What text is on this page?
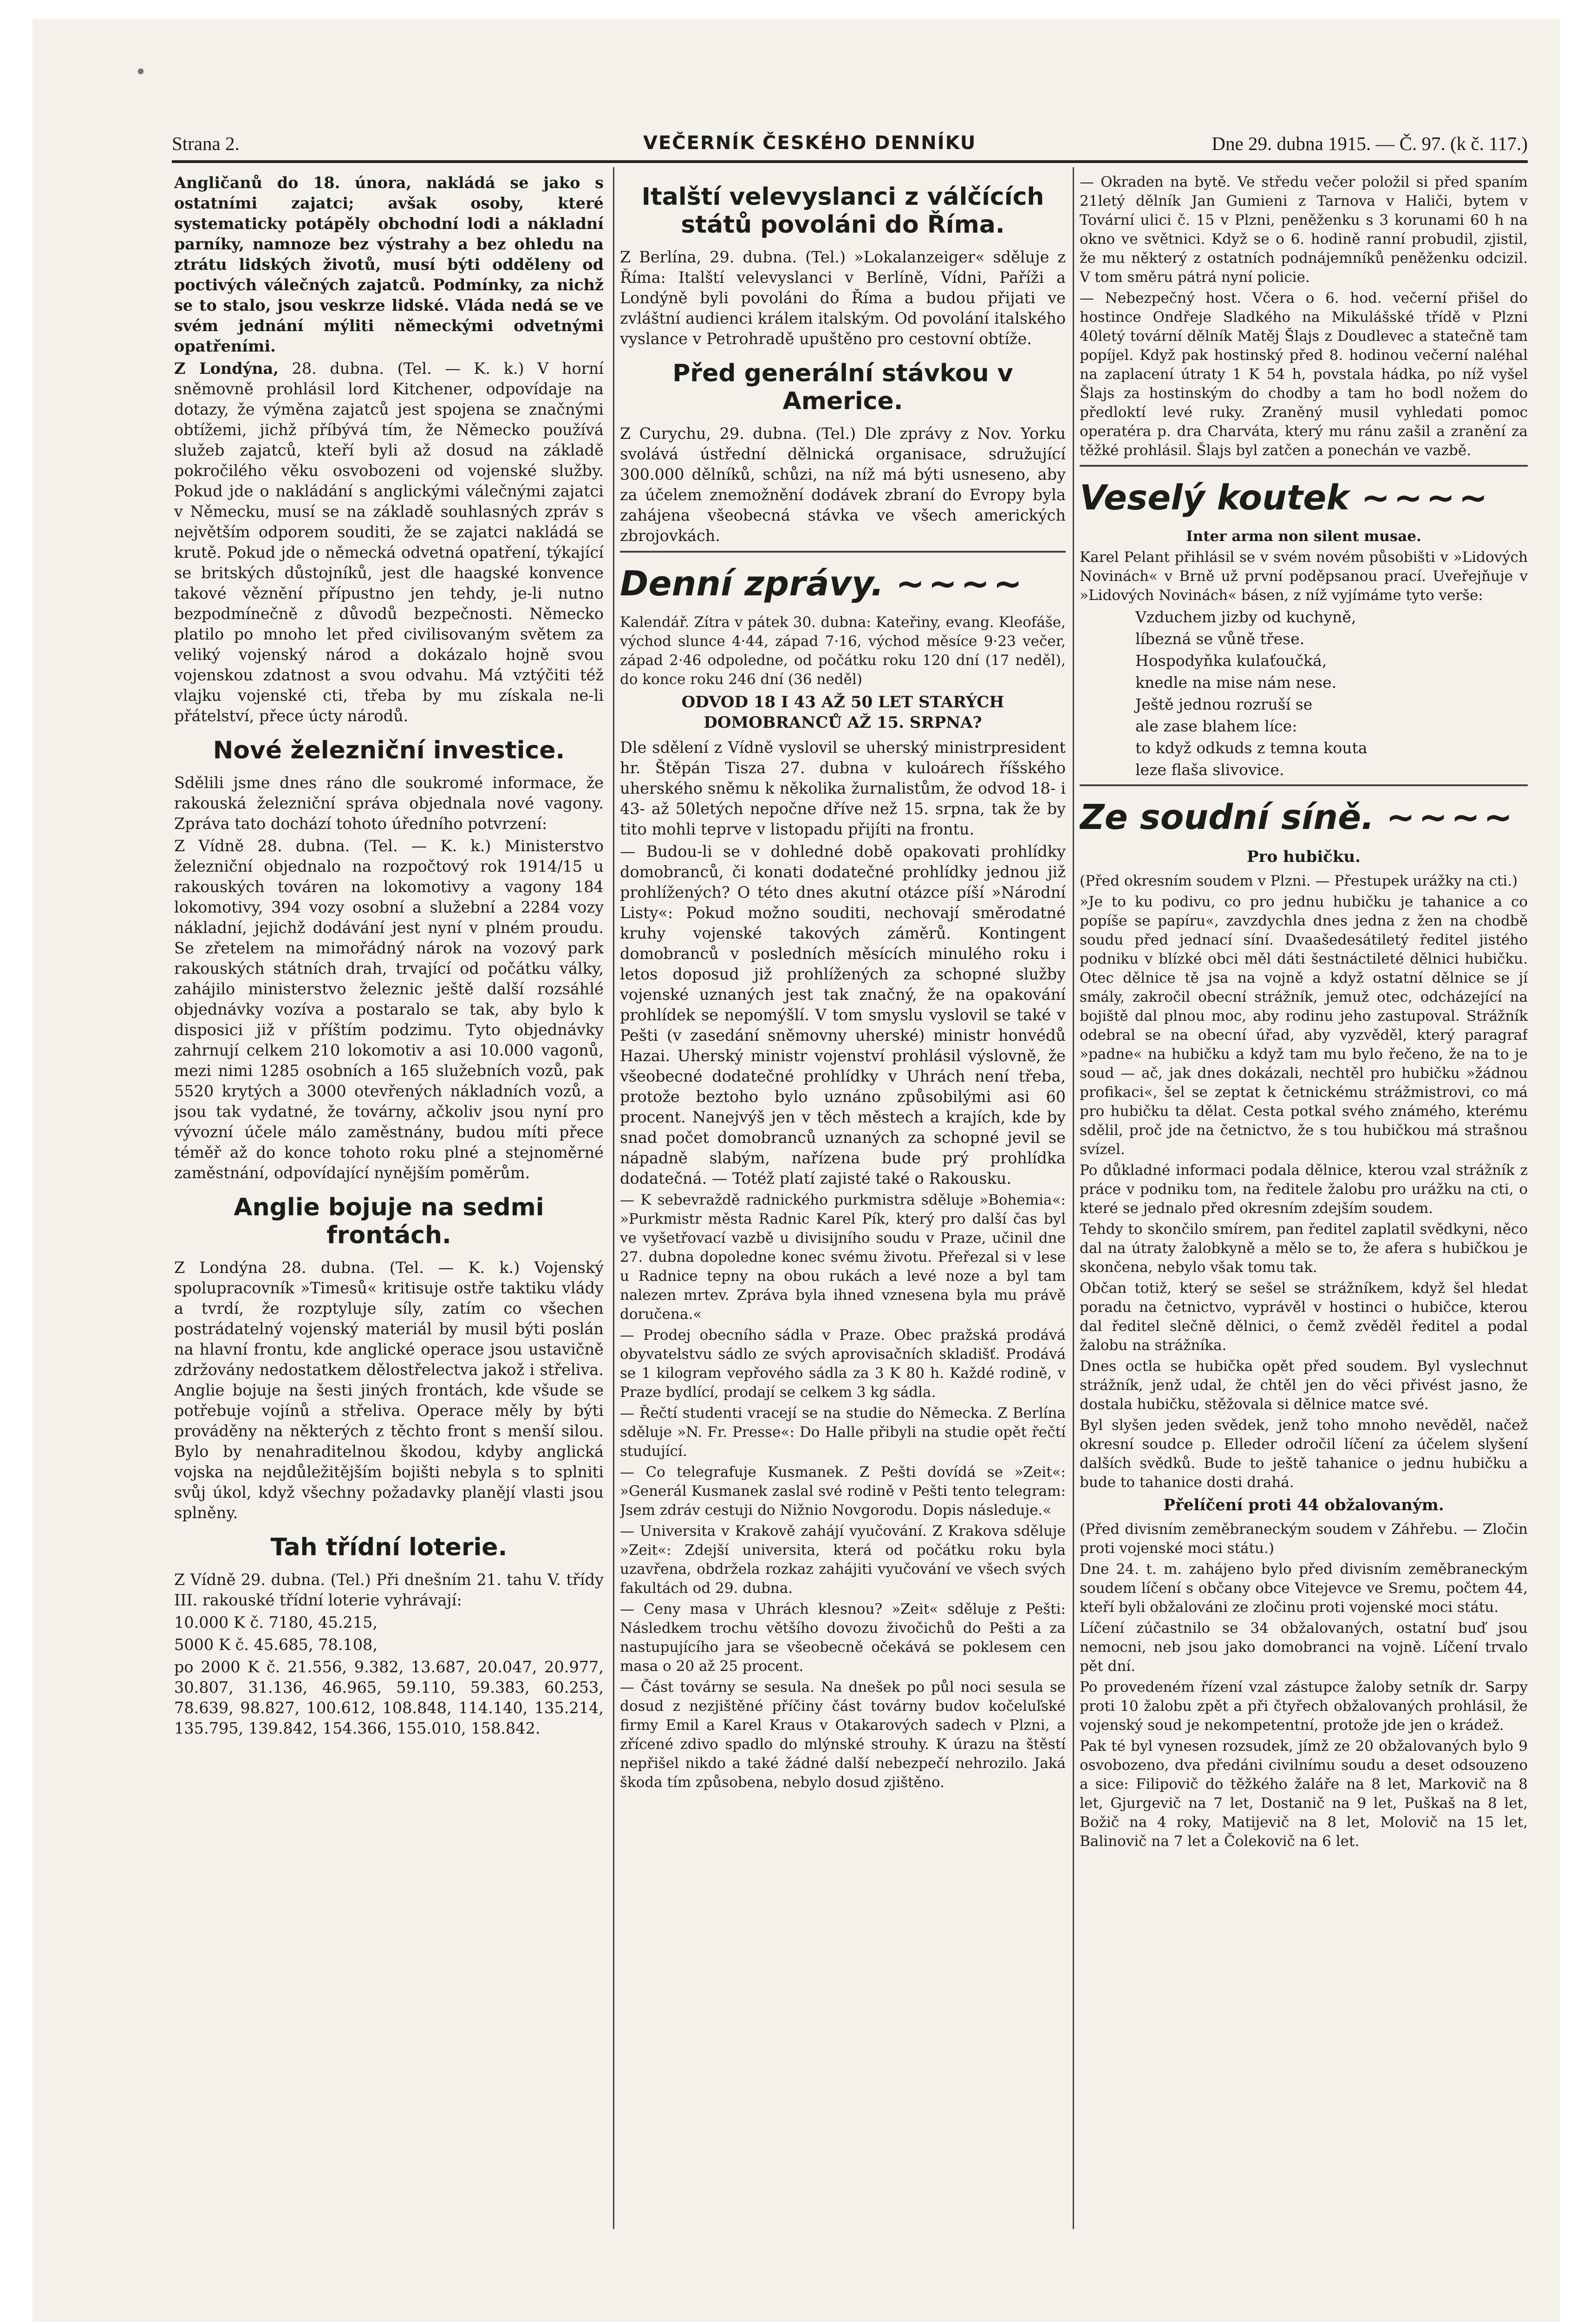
•
Strana 2.	VEČERNÍK ČESKÉHO DENNÍKU	Dne 29. dubna 1915. — Č. 97. (k č. 117.)

Angličanů do 18. února, nakládá se jako s ostatními zajatci; avšak osoby, které systematicky potápěly obchodní lodi a nákladní parníky, namnoze bez výstrahy a bez ohledu na ztrátu lidských životů, musí býti odděleny od poctivých válečných zajatců. Podmínky, za nichž se to stalo, jsou veskrze lidské. Vláda nedá se ve svém jednání mýliti německými odvetnými opatřeními.

Z Londýna, 28. dubna. (Tel. — K. k.) V horní sněmovně prohlásil lord Kitchener, odpovídaje na dotazy, že výměna zajatců jest spojena se značnými obtížemi, jichž příbývá tím, že Německo používá služeb zajatců, kteří byli až dosud na základě pokročilého věku osvobozeni od vojenské služby. Pokud jde o nakládání s anglickými válečnými zajatci v Německu, musí se na základě souhlasných zpráv s největším odporem souditi, že se zajatci nakládá se krutě. Pokud jde o německá odvetná opatření, týkající se britských důstojníků, jest dle haagské konvence takové věznění přípustno jen tehdy, je-li nutno bezpodmínečně z důvodů bezpečnosti. Německo platilo po mnoho let před civilisovaným světem za veliký vojenský národ a dokázalo hojně svou vojenskou zdatnost a svou odvahu. Má vztýčiti též vlajku vojenské cti, třeba by mu získala ne-li přátelství, přece úcty národů.

Nové železniční investice.

Sdělili jsme dnes ráno dle soukromé informace, že rakouská železniční správa objednala nové vagony. Zpráva tato dochází tohoto úředního potvrzení:

Z Vídně 28. dubna. (Tel. — K. k.) Ministerstvo železniční objednalo na rozpočtový rok 1914/15 u rakouských továren na lokomotivy a vagony 184 lokomotivy, 394 vozy osobní a služební a 2284 vozy nákladní, jejichž dodávání jest nyní v plném proudu. Se zřetelem na mimořádný nárok na vozový park rakouských státních drah, trvající od počátku války, zahájilo ministerstvo železnic ještě další rozsáhlé objednávky vozíva a postaralo se tak, aby bylo k disposici již v příštím podzimu. Tyto objednávky zahrnují celkem 210 lokomotiv a asi 10.000 vagonů, mezi nimi 1285 osobních a 165 služebních vozů, pak 5520 krytých a 3000 otevřených nákladních vozů, a jsou tak vydatné, že továrny, ačkoliv jsou nyní pro vývozní účele málo zaměstnány, budou míti přece téměř až do konce tohoto roku plné a stejnoměrné zaměstnání, odpovídající nynějším poměrům.

Anglie bojuje na sedmi frontách.

Z Londýna 28. dubna. (Tel. — K. k.) Vojenský spolupracovník »Timesů« kritisuje ostře taktiku vlády a tvrdí, že rozptyluje síly, zatím co všechen postrádatelný vojenský materiál by musil býti poslán na hlavní frontu, kde anglické operace jsou ustavičně zdržovány nedostatkem dělostřelectva jakož i střeliva. Anglie bojuje na šesti jiných frontách, kde všude se potřebuje vojínů a střeliva. Operace měly by býti prováděny na některých z těchto front s menší silou. Bylo by nenahraditelnou škodou, kdyby anglická vojska na nejdůležitějším bojišti nebyla s to splniti svůj úkol, když všechny požadavky planějí vlasti jsou splněny.

Tah třídní loterie.

Z Vídně 29. dubna. (Tel.) Při dnešním 21. tahu V. třídy III. rakouské třídní loterie vyhrávají:

10.000 K č. 7180, 45.215,

5000 K č. 45.685, 78.108,

po 2000 K č. 21.556, 9.382, 13.687, 20.047, 20.977, 30.807, 31.136, 46.965, 59.110, 59.383, 60.253, 78.639, 98.827, 100.612, 108.848, 114.140, 135.214, 135.795, 139.842, 154.366, 155.010, 158.842.

Italští velevyslanci z válčících států povoláni do Říma.

Z Berlína, 29. dubna. (Tel.) »Lokalanzeiger« sděluje z Říma: Italští velevyslanci v Berlíně, Vídni, Paříži a Londýně byli povoláni do Říma a budou přijati ve zvláštní audienci králem italským. Od povolání italského vyslance v Petrohradě upuštěno pro cestovní obtíže.

Před generální stávkou v Americe.

Z Curychu, 29. dubna. (Tel.) Dle zprávy z Nov. Yorku svolává ústřední dělnická organisace, sdružující 300.000 dělníků, schůzi, na níž má býti usneseno, aby za účelem znemožnění dodávek zbraní do Evropy byla zahájena všeobecná stávka ve všech amerických zbrojovkách.

Denní zprávy. ~~~~

Kalendář. Zítra v pátek 30. dubna: Kateřiny, evang. Kleofáše, východ slunce 4·44, západ 7·16, východ měsíce 9·23 večer, západ 2·46 odpoledne, od počátku roku 120 dní (17 neděl), do konce roku 246 dní (36 neděl)

ODVOD 18 I 43 AŽ 50 LET STARÝCH DOMOBRANCŮ AŽ 15. SRPNA?

Dle sdělení z Vídně vyslovil se uherský ministrpresident hr. Štěpán Tisza 27. dubna v kuloárech říšského uherského sněmu k několika žurnalistům, že odvod 18- i 43- až 50letých nepočne dříve než 15. srpna, tak že by tito mohli teprve v listopadu přijíti na frontu.

— Budou-li se v dohledné době opakovati prohlídky domobranců, či konati dodatečné prohlídky jednou již prohlížených? O této dnes akutní otázce píší »Národní Listy«: Pokud možno souditi, nechovají směrodatné kruhy vojenské takových záměrů. Kontingent domobranců v posledních měsících minulého roku i letos doposud již prohlížených za schopné služby vojenské uznaných jest tak značný, že na opakování prohlídek se nepomýšlí. V tom smyslu vyslovil se také v Pešti (v zasedání sněmovny uherské) ministr honvédů Hazai. Uherský ministr vojenství prohlásil výslovně, že všeobecné dodatečné prohlídky v Uhrách není třeba, protože beztoho bylo uznáno způsobilými asi 60 procent. Nanejvýš jen v těch městech a krajích, kde by snad počet domobranců uznaných za schopné jevil se nápadně slabým, nařízena bude prý prohlídka dodatečná. — Totéž platí zajisté také o Rakousku.

— K sebevraždě radnického purkmistra sděluje »Bohemia«: »Purkmistr města Radnic Karel Pík, který pro další čas byl ve vyšetřovací vazbě u divisijního soudu v Praze, učinil dne 27. dubna dopoledne konec svému životu. Přeřezal si v lese u Radnice tepny na obou rukách a levé noze a byl tam nalezen mrtev. Zpráva byla ihned vznesena byla mu právě doručena.«

— Prodej obecního sádla v Praze. Obec pražská prodává obyvatelstvu sádlo ze svých aprovisačních skladišť. Prodává se 1 kilogram vepřového sádla za 3 K 80 h. Každé rodině, v Praze bydlící, prodají se celkem 3 kg sádla.

— Řečtí studenti vracejí se na studie do Německa. Z Berlína sděluje »N. Fr. Presse«: Do Halle přibyli na studie opět řečtí studující.

— Co telegrafuje Kusmanek. Z Pešti dovídá se »Zeit«: »Generál Kusmanek zaslal své rodině v Pešti tento telegram: Jsem zdráv cestuji do Nižnio Novgorodu. Dopis následuje.«

— Universita v Krakově zahájí vyučování. Z Krakova sděluje »Zeit«: Zdejší universita, která od počátku roku byla uzavřena, obdržela rozkaz zahájiti vyučování ve všech svých fakultách od 29. dubna.

— Ceny masa v Uhrách klesnou? »Zeit« sděluje z Pešti: Následkem trochu většího dovozu živočichů do Pešti a za nastupujícího jara se všeobecně očekává se poklesem cen masa o 20 až 25 procent.

— Část továrny se sesula. Na dnešek po půl noci sesula se dosud z nezjištěné příčiny část továrny budov kočeluľské firmy Emil a Karel Kraus v Otakarových sadech v Plzni, a zřícené zdivo spadlo do mlýnské strouhy. K úrazu na štěstí nepřišel nikdo a také žádné další nebezpečí nehrozilo. Jaká škoda tím způsobena, nebylo dosud zjištěno.

— Okraden na bytě. Ve středu večer položil si před spaním 21letý dělník Jan Gumieni z Tarnova v Haliči, bytem v Tovární ulici č. 15 v Plzni, peněženku s 3 korunami 60 h na okno ve světnici. Když se o 6. hodině ranní probudil, zjistil, že mu některý z ostatních podnájemníků peněženku odcizil. V tom směru pátrá nyní policie.

— Nebezpečný host. Včera o 6. hod. večerní přišel do hostince Ondřeje Sladkého na Mikulášské třídě v Plzni 40letý tovární dělník Matěj Šlajs z Doudlevec a statečně tam popíjel. Když pak hostinský před 8. hodinou večerní naléhal na zaplacení útraty 1 K 54 h, povstala hádka, po níž vyšel Šlajs za hostinským do chodby a tam ho bodl nožem do předloktí levé ruky. Zraněný musil vyhledati pomoc operatéra p. dra Charváta, který mu ránu zašil a zranění za těžké prohlásil. Šlajs byl zatčen a ponechán ve vazbě.

Veselý koutek ~~~~

Inter arma non silent musae.

Karel Pelant přihlásil se v svém novém působišti v »Lidových Novinách« v Brně už první poděpsanou prací. Uveřejňuje v »Lidových Novinách« básen, z níž vyjímáme tyto verše:

Vzduchem jizby od kuchyně,

líbezná se vůně třese.

Hospodyňka kulaťoučká,

knedle na mise nám nese.

Ještě jednou rozruší se

ale zase blahem líce:

to když odkuds z temna kouta

leze flaša slivovice.

Ze soudní síně. ~~~~
Pro hubičku.

(Před okresním soudem v Plzni. — Přestupek urážky na cti.)

»Je to ku podivu, co pro jednu hubičku je tahanice a co popíše se papíru«, zavzdychla dnes jedna z žen na chodbě soudu před jednací síní. Dvaašedesátiletý ředitel jistého podniku v blízké obci měl dáti šestnáctileté dělnici hubičku. Otec dělnice tě jsa na vojně a když ostatní dělnice se jí smály, zakročil obecní strážník, jemuž otec, odcházející na bojiště dal plnou moc, aby rodinu jeho zastupoval. Strážník odebral se na obecní úřad, aby vyzvěděl, který paragraf »padne« na hubičku a když tam mu bylo řečeno, že na to je soud — ač, jak dnes dokázali, nechtěl pro hubičku »žádnou profikaci«, šel se zeptat k četnickému strážmistrovi, co má pro hubičku ta dělat. Cesta potkal svého známého, kterému sdělil, proč jde na četnictvo, že s tou hubičkou má strašnou svízel.

Po důkladné informaci podala dělnice, kterou vzal strážník z práce v podniku tom, na ředitele žalobu pro urážku na cti, o které se jednalo před okresním zdejším soudem.

Tehdy to skončilo smírem, pan ředitel zaplatil svědkyni, něco dal na útraty žalobkyně a mělo se to, že afera s hubičkou je skončena, nebylo však tomu tak.

Občan totiž, který se sešel se strážníkem, když šel hledat poradu na četnictvo, vyprávěl v hostinci o hubičce, kterou dal ředitel slečně dělnici, o čemž zvěděl ředitel a podal žalobu na strážníka.

Dnes octla se hubička opět před soudem. Byl vyslechnut strážník, jenž udal, že chtěl jen do věci přivést jasno, že dostala hubičku, stěžovala si dělnice matce své.

Byl slyšen jeden svědek, jenž toho mnoho nevěděl, načež okresní soudce p. Elleder odročil líčení za účelem slyšení dalších svědků. Bude to ještě tahanice o jednu hubičku a bude to tahanice dosti drahá.

Přelíčení proti 44 obžalovaným.

(Před divisním zeměbraneckým soudem v Záhřebu. — Zločin proti vojenské moci státu.)

Dne 24. t. m. zahájeno bylo před divisním zeměbraneckým soudem líčení s občany obce Vitejevce ve Sremu, počtem 44, kteří byli obžalováni ze zločinu proti vojenské moci státu.

Líčení zúčastnilo se 34 obžalovaných, ostatní buď jsou nemocni, neb jsou jako domobranci na vojně. Líčení trvalo pět dní.

Po provedeném řízení vzal zástupce žaloby setník dr. Sarpy proti 10 žalobu zpět a při čtyřech obžalovaných prohlásil, že vojenský soud je nekompetentní, protože jde jen o krádež.

Pak té byl vynesen rozsudek, jímž ze 20 obžalovaných bylo 9 osvobozeno, dva předáni civilnímu soudu a deset odsouzeno a sice: Filipovič do těžkého žaláře na 8 let, Markovič na 8 let, Gjurgevič na 7 let, Dostanič na 9 let, Puškaš na 8 let, Božič na 4 roky, Matijevič na 8 let, Molovič na 15 let, Balinovič na 7 let a Čolekovič na 6 let.
